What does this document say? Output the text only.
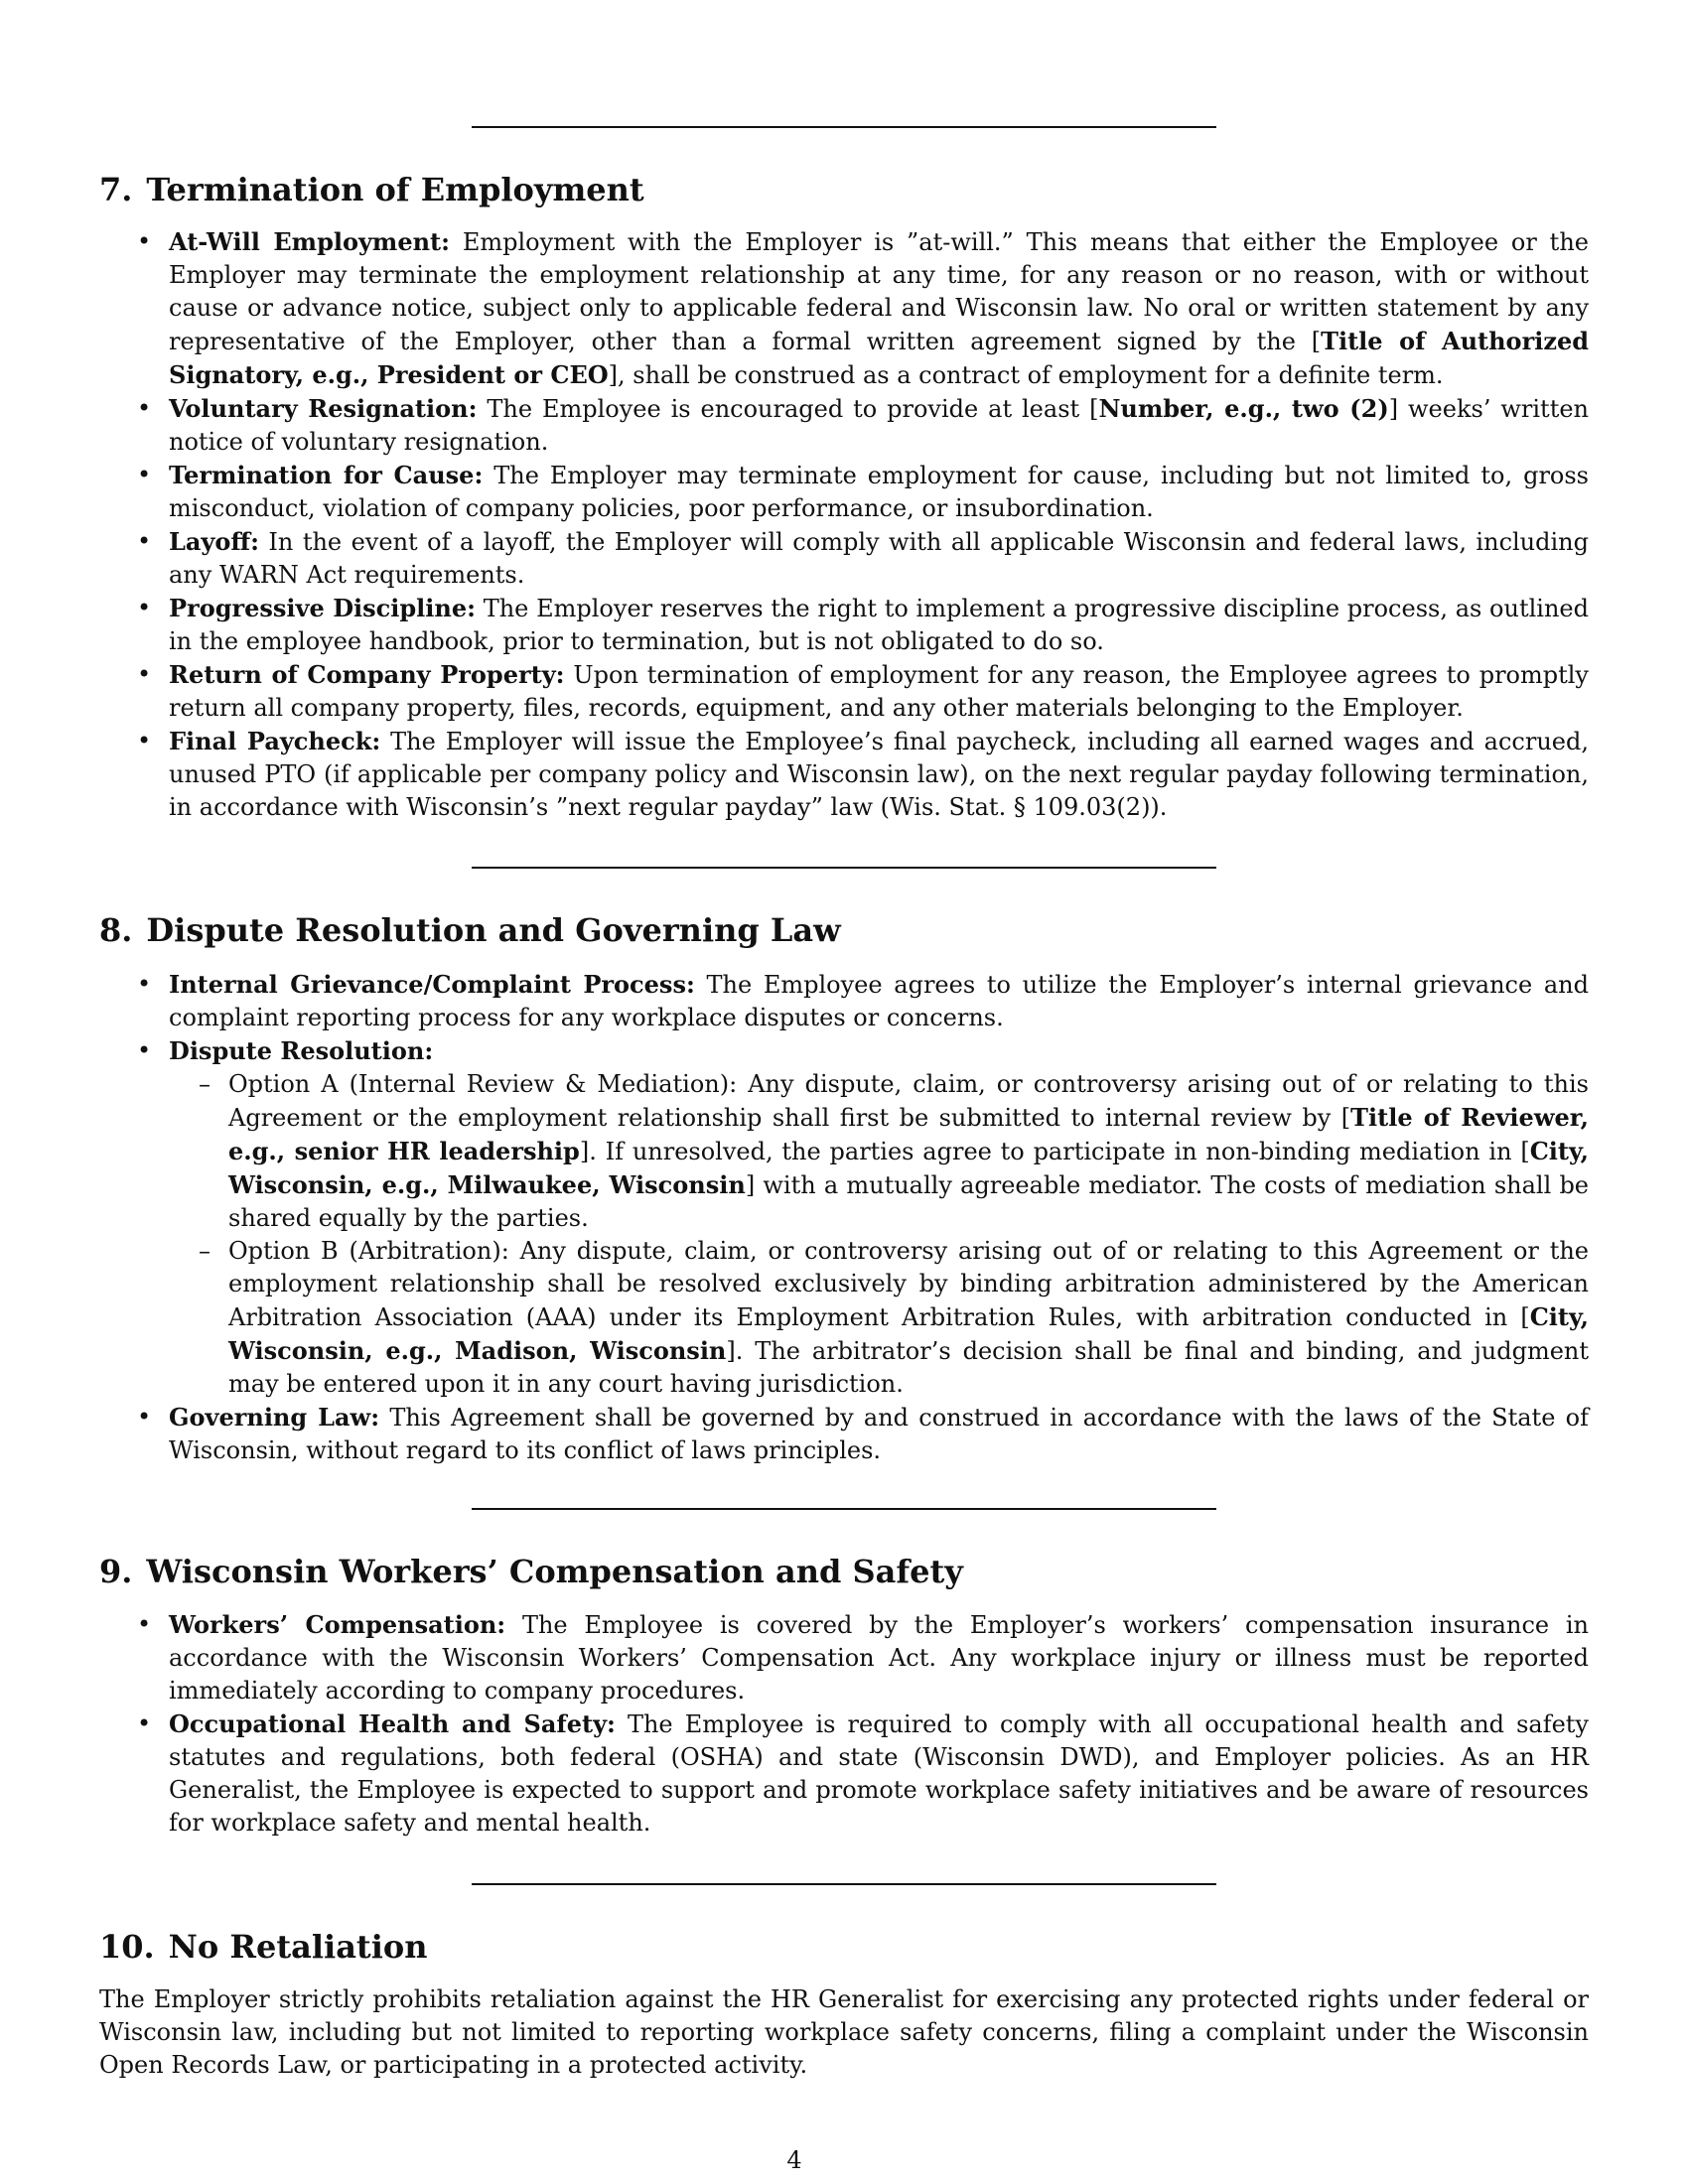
7. Termination of Employment
• At-Will Employment: Employment with the Employer is ”at-will.” This means that either the Employee or the Employer may terminate the employment relationship at any time, for any reason or no reason, with or without cause or advance notice, subject only to applicable federal and Wisconsin law. No oral or written statement by any representative of the Employer, other than a formal written agreement signed by the [Title of Authorized Signatory, e.g., President or CEO], shall be construed as a contract of employment for a definite term.
• Voluntary Resignation: The Employee is encouraged to provide at least [Number, e.g., two (2)] weeks’ written notice of voluntary resignation.
• Termination for Cause: The Employer may terminate employment for cause, including but not limited to, gross misconduct, violation of company policies, poor performance, or insubordination.
• Layoff: In the event of a layoff, the Employer will comply with all applicable Wisconsin and federal laws, including any WARN Act requirements.
• Progressive Discipline: The Employer reserves the right to implement a progressive discipline process, as outlined in the employee handbook, prior to termination, but is not obligated to do so.
• Return of Company Property: Upon termination of employment for any reason, the Employee agrees to promptly return all company property, files, records, equipment, and any other materials belonging to the Employer.
• Final Paycheck: The Employer will issue the Employee’s final paycheck, including all earned wages and accrued, unused PTO (if applicable per company policy and Wisconsin law), on the next regular payday following termination, in accordance with Wisconsin’s ”next regular payday” law (Wis. Stat. § 109.03(2)).
8. Dispute Resolution and Governing Law
• Internal Grievance/Complaint Process: The Employee agrees to utilize the Employer’s internal grievance and complaint reporting process for any workplace disputes or concerns.
• Dispute Resolution:
– Option A (Internal Review & Mediation): Any dispute, claim, or controversy arising out of or relating to this Agreement or the employment relationship shall first be submitted to internal review by [Title of Reviewer, e.g., senior HR leadership]. If unresolved, the parties agree to participate in non-binding mediation in [City, Wisconsin, e.g., Milwaukee, Wisconsin] with a mutually agreeable mediator. The costs of mediation shall be shared equally by the parties.
– Option B (Arbitration): Any dispute, claim, or controversy arising out of or relating to this Agreement or the employment relationship shall be resolved exclusively by binding arbitration administered by the American Arbitration Association (AAA) under its Employment Arbitration Rules, with arbitration conducted in [City, Wisconsin, e.g., Madison, Wisconsin]. The arbitrator’s decision shall be final and binding, and judgment may be entered upon it in any court having jurisdiction.
• Governing Law: This Agreement shall be governed by and construed in accordance with the laws of the State of Wisconsin, without regard to its conflict of laws principles.
9. Wisconsin Workers’ Compensation and Safety
• Workers’ Compensation: The Employee is covered by the Employer’s workers’ compensation insurance in accordance with the Wisconsin Workers’ Compensation Act. Any workplace injury or illness must be reported immediately according to company procedures.
• Occupational Health and Safety: The Employee is required to comply with all occupational health and safety statutes and regulations, both federal (OSHA) and state (Wisconsin DWD), and Employer policies. As an HR Generalist, the Employee is expected to support and promote workplace safety initiatives and be aware of resources for workplace safety and mental health.
10. No Retaliation

The Employer strictly prohibits retaliation against the HR Generalist for exercising any protected rights under federal or Wisconsin law, including but not limited to reporting workplace safety concerns, filing a complaint under the Wisconsin Open Records Law, or participating in a protected activity.

4
